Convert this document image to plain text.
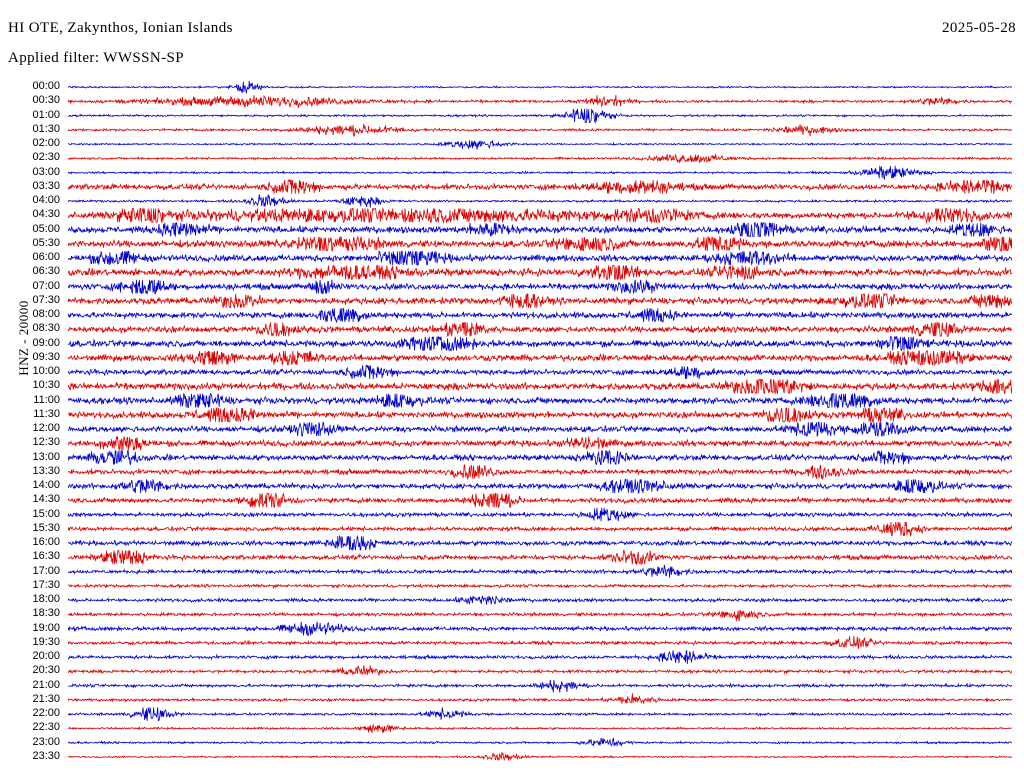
HI OTE, Zakynthos, Ionian Islands	2025-05-28
Applied filter: WWSSN-SP
HNZ - 20000
00:00
00:30
01:00
01:30
02:00
02:30
03:00
03:30
04:00
04:30
05:00
05:30
06:00
06:30
07:00
07:30
08:00
08:30
09:00
09:30
10:00
10:30
11:00
11:30
12:00
12:30
13:00
13:30
14:00
14:30
15:00
15:30
16:00
16:30
17:00
17:30
18:00
18:30
19:00
19:30
20:00
20:30
21:00
21:30
22:00
22:30
23:00
23:30
